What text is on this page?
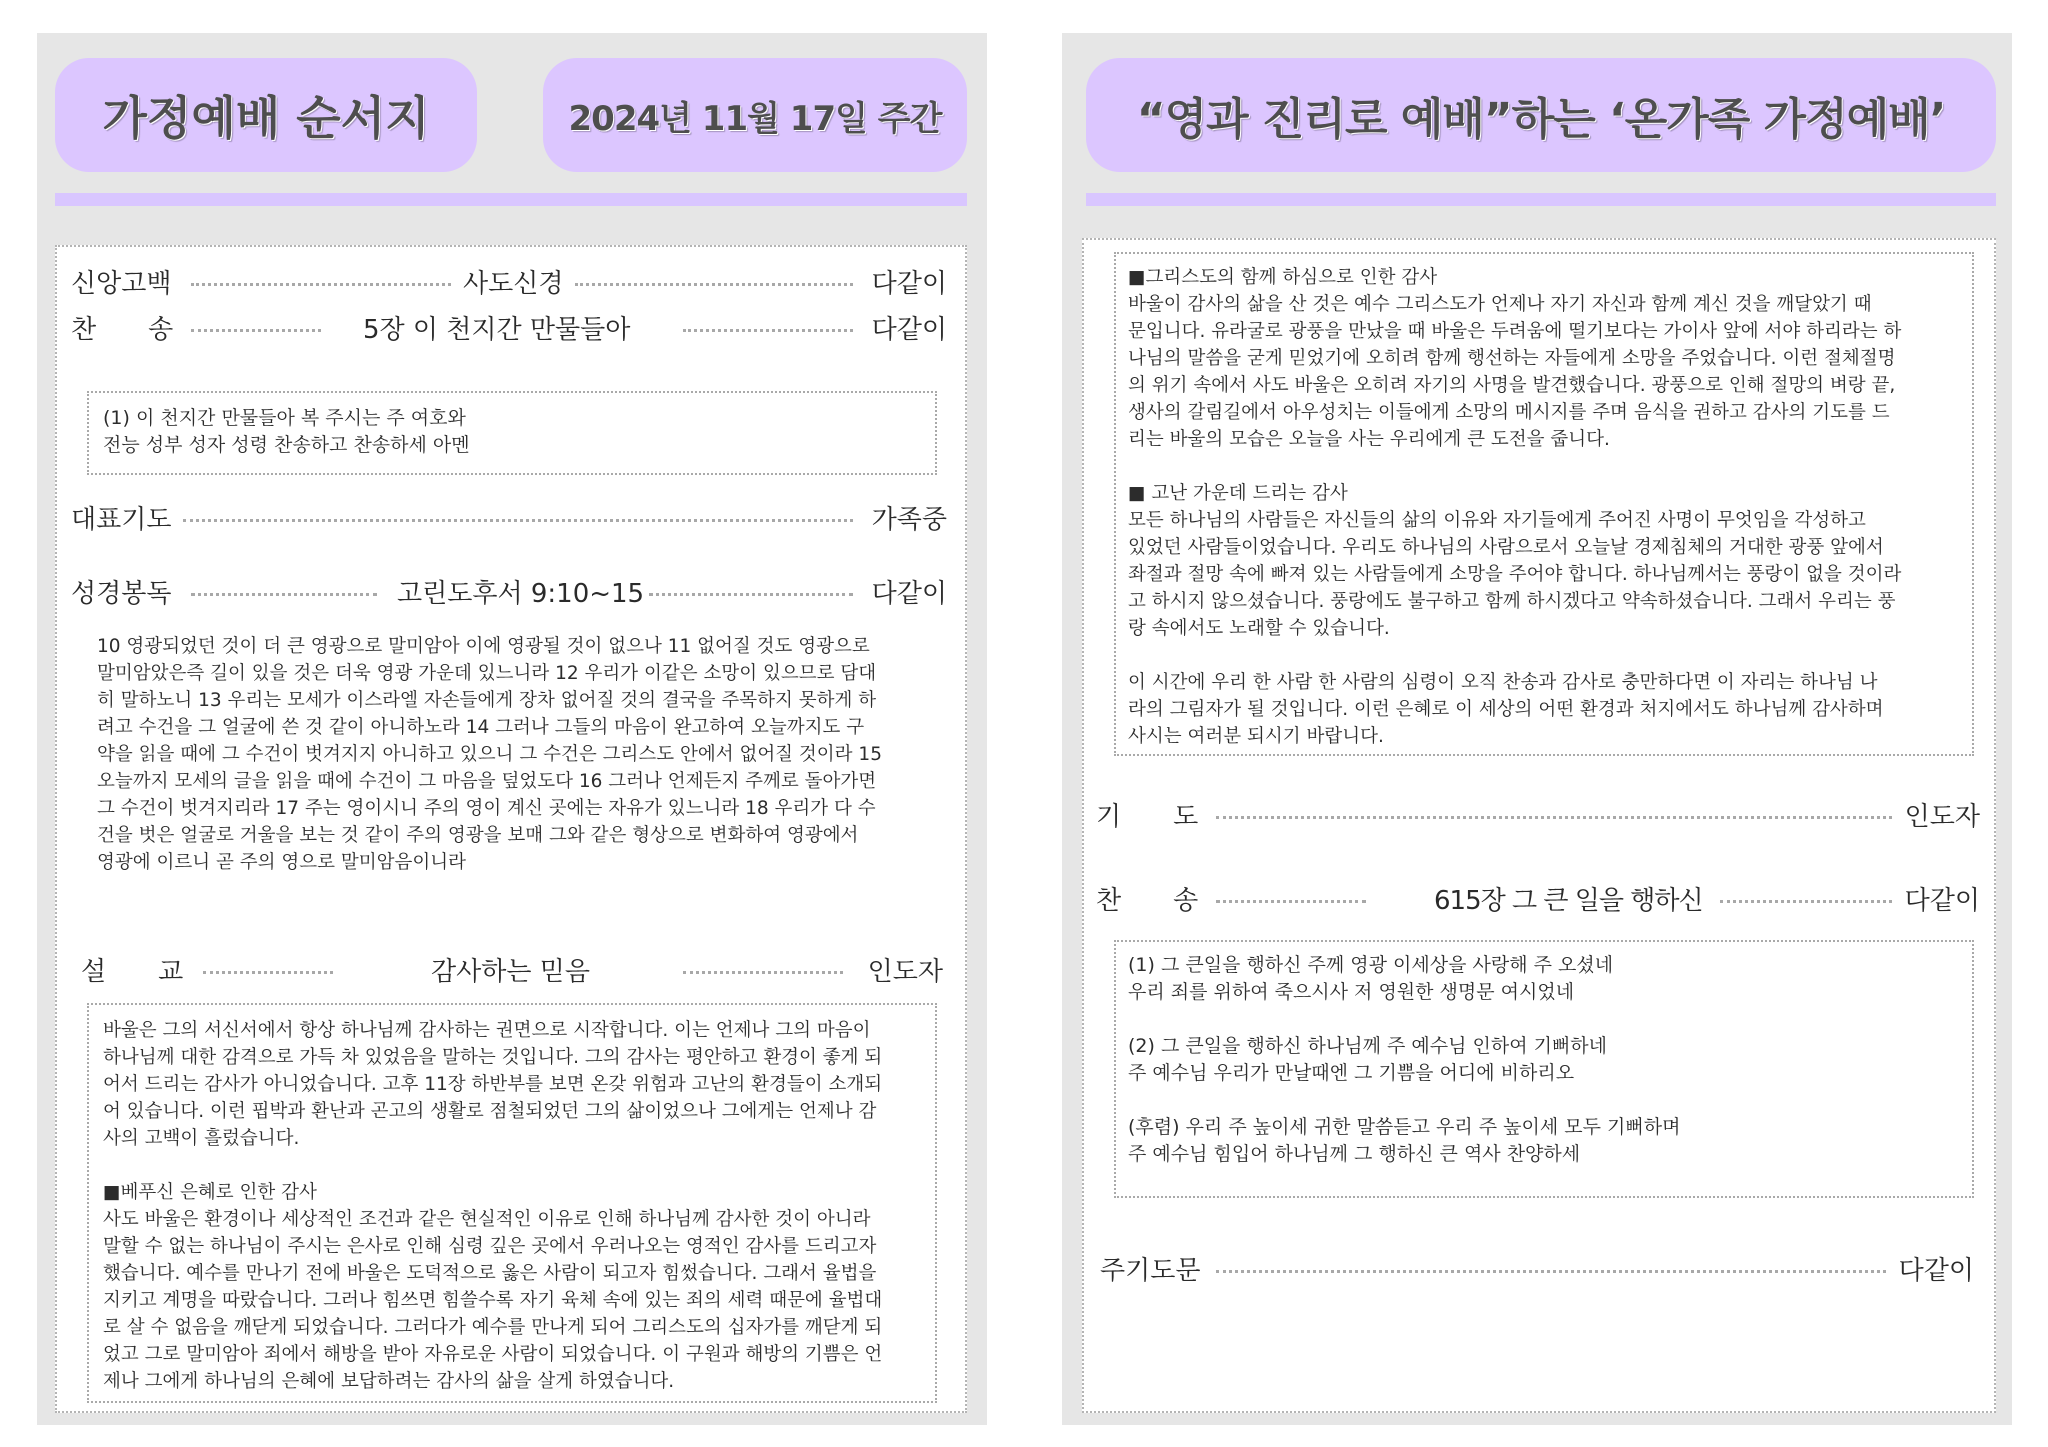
가정예배 순서지	2024년 11월 17일 주간
신앙고백	사도신경	다같이
찬　　송	5장 이 천지간 만물들아	다같이
(1) 이 천지간 만물들아 복 주시는 주 여호와
전능 성부 성자 성령 찬송하고 찬송하세 아멘
대표기도	가족중
성경봉독	고린도후서 9:10~15	다같이
10 영광되었던 것이 더 큰 영광으로 말미암아 이에 영광될 것이 없으나 11 없어질 것도 영광으로
말미암았은즉 길이 있을 것은 더욱 영광 가운데 있느니라 12 우리가 이같은 소망이 있으므로 담대
히 말하노니 13 우리는 모세가 이스라엘 자손들에게 장차 없어질 것의 결국을 주목하지 못하게 하
려고 수건을 그 얼굴에 쓴 것 같이 아니하노라 14 그러나 그들의 마음이 완고하여 오늘까지도 구
약을 읽을 때에 그 수건이 벗겨지지 아니하고 있으니 그 수건은 그리스도 안에서 없어질 것이라 15
오늘까지 모세의 글을 읽을 때에 수건이 그 마음을 덮었도다 16 그러나 언제든지 주께로 돌아가면
그 수건이 벗겨지리라 17 주는 영이시니 주의 영이 계신 곳에는 자유가 있느니라 18 우리가 다 수
건을 벗은 얼굴로 거울을 보는 것 같이 주의 영광을 보매 그와 같은 형상으로 변화하여 영광에서
영광에 이르니 곧 주의 영으로 말미암음이니라
설　　교	감사하는 믿음	인도자
바울은 그의 서신서에서 항상 하나님께 감사하는 권면으로 시작합니다. 이는 언제나 그의 마음이
하나님께 대한 감격으로 가득 차 있었음을 말하는 것입니다. 그의 감사는 평안하고 환경이 좋게 되
어서 드리는 감사가 아니었습니다. 고후 11장 하반부를 보면 온갖 위험과 고난의 환경들이 소개되
어 있습니다. 이런 핍박과 환난과 곤고의 생활로 점철되었던 그의 삶이었으나 그에게는 언제나 감
사의 고백이 흘렀습니다.

■베푸신 은혜로 인한 감사
사도 바울은 환경이나 세상적인 조건과 같은 현실적인 이유로 인해 하나님께 감사한 것이 아니라
말할 수 없는 하나님이 주시는 은사로 인해 심령 깊은 곳에서 우러나오는 영적인 감사를 드리고자
했습니다. 예수를 만나기 전에 바울은 도덕적으로 옳은 사람이 되고자 힘썼습니다. 그래서 율법을
지키고 계명을 따랐습니다. 그러나 힘쓰면 힘쓸수록 자기 육체 속에 있는 죄의 세력 때문에 율법대
로 살 수 없음을 깨닫게 되었습니다. 그러다가 예수를 만나게 되어 그리스도의 십자가를 깨닫게 되
었고 그로 말미암아 죄에서 해방을 받아 자유로운 사람이 되었습니다. 이 구원과 해방의 기쁨은 언
제나 그에게 하나님의 은혜에 보답하려는 감사의 삶을 살게 하였습니다.
“영과 진리로 예배”하는 ‘온가족 가정예배’
■그리스도의 함께 하심으로 인한 감사
바울이 감사의 삶을 산 것은 예수 그리스도가 언제나 자기 자신과 함께 계신 것을 깨달았기 때
문입니다. 유라굴로 광풍을 만났을 때 바울은 두려움에 떨기보다는 가이사 앞에 서야 하리라는 하
나님의 말씀을 굳게 믿었기에 오히려 함께 행선하는 자들에게 소망을 주었습니다. 이런 절체절명
의 위기 속에서 사도 바울은 오히려 자기의 사명을 발견했습니다. 광풍으로 인해 절망의 벼랑 끝,
생사의 갈림길에서 아우성치는 이들에게 소망의 메시지를 주며 음식을 권하고 감사의 기도를 드
리는 바울의 모습은 오늘을 사는 우리에게 큰 도전을 줍니다.

■ 고난 가운데 드리는 감사
모든 하나님의 사람들은 자신들의 삶의 이유와 자기들에게 주어진 사명이 무엇임을 각성하고
있었던 사람들이었습니다. 우리도 하나님의 사람으로서 오늘날 경제침체의 거대한 광풍 앞에서
좌절과 절망 속에 빠져 있는 사람들에게 소망을 주어야 합니다. 하나님께서는 풍랑이 없을 것이라
고 하시지 않으셨습니다. 풍랑에도 불구하고 함께 하시겠다고 약속하셨습니다. 그래서 우리는 풍
랑 속에서도 노래할 수 있습니다.

이 시간에 우리 한 사람 한 사람의 심령이 오직 찬송과 감사로 충만하다면 이 자리는 하나님 나
라의 그림자가 될 것입니다. 이런 은혜로 이 세상의 어떤 환경과 처지에서도 하나님께 감사하며
사시는 여러분 되시기 바랍니다.
기　　도	인도자
찬　　송	615장 그 큰 일을 행하신	다같이
(1) 그 큰일을 행하신 주께 영광 이세상을 사랑해 주 오셨네
우리 죄를 위하여 죽으시사 저 영원한 생명문 여시었네

(2) 그 큰일을 행하신 하나님께 주 예수님 인하여 기뻐하네
주 예수님 우리가 만날때엔 그 기쁨을 어디에 비하리오

(후렴) 우리 주 높이세 귀한 말씀듣고 우리 주 높이세 모두 기뻐하며
주 예수님 힘입어 하나님께 그 행하신 큰 역사 찬양하세
주기도문	다같이
